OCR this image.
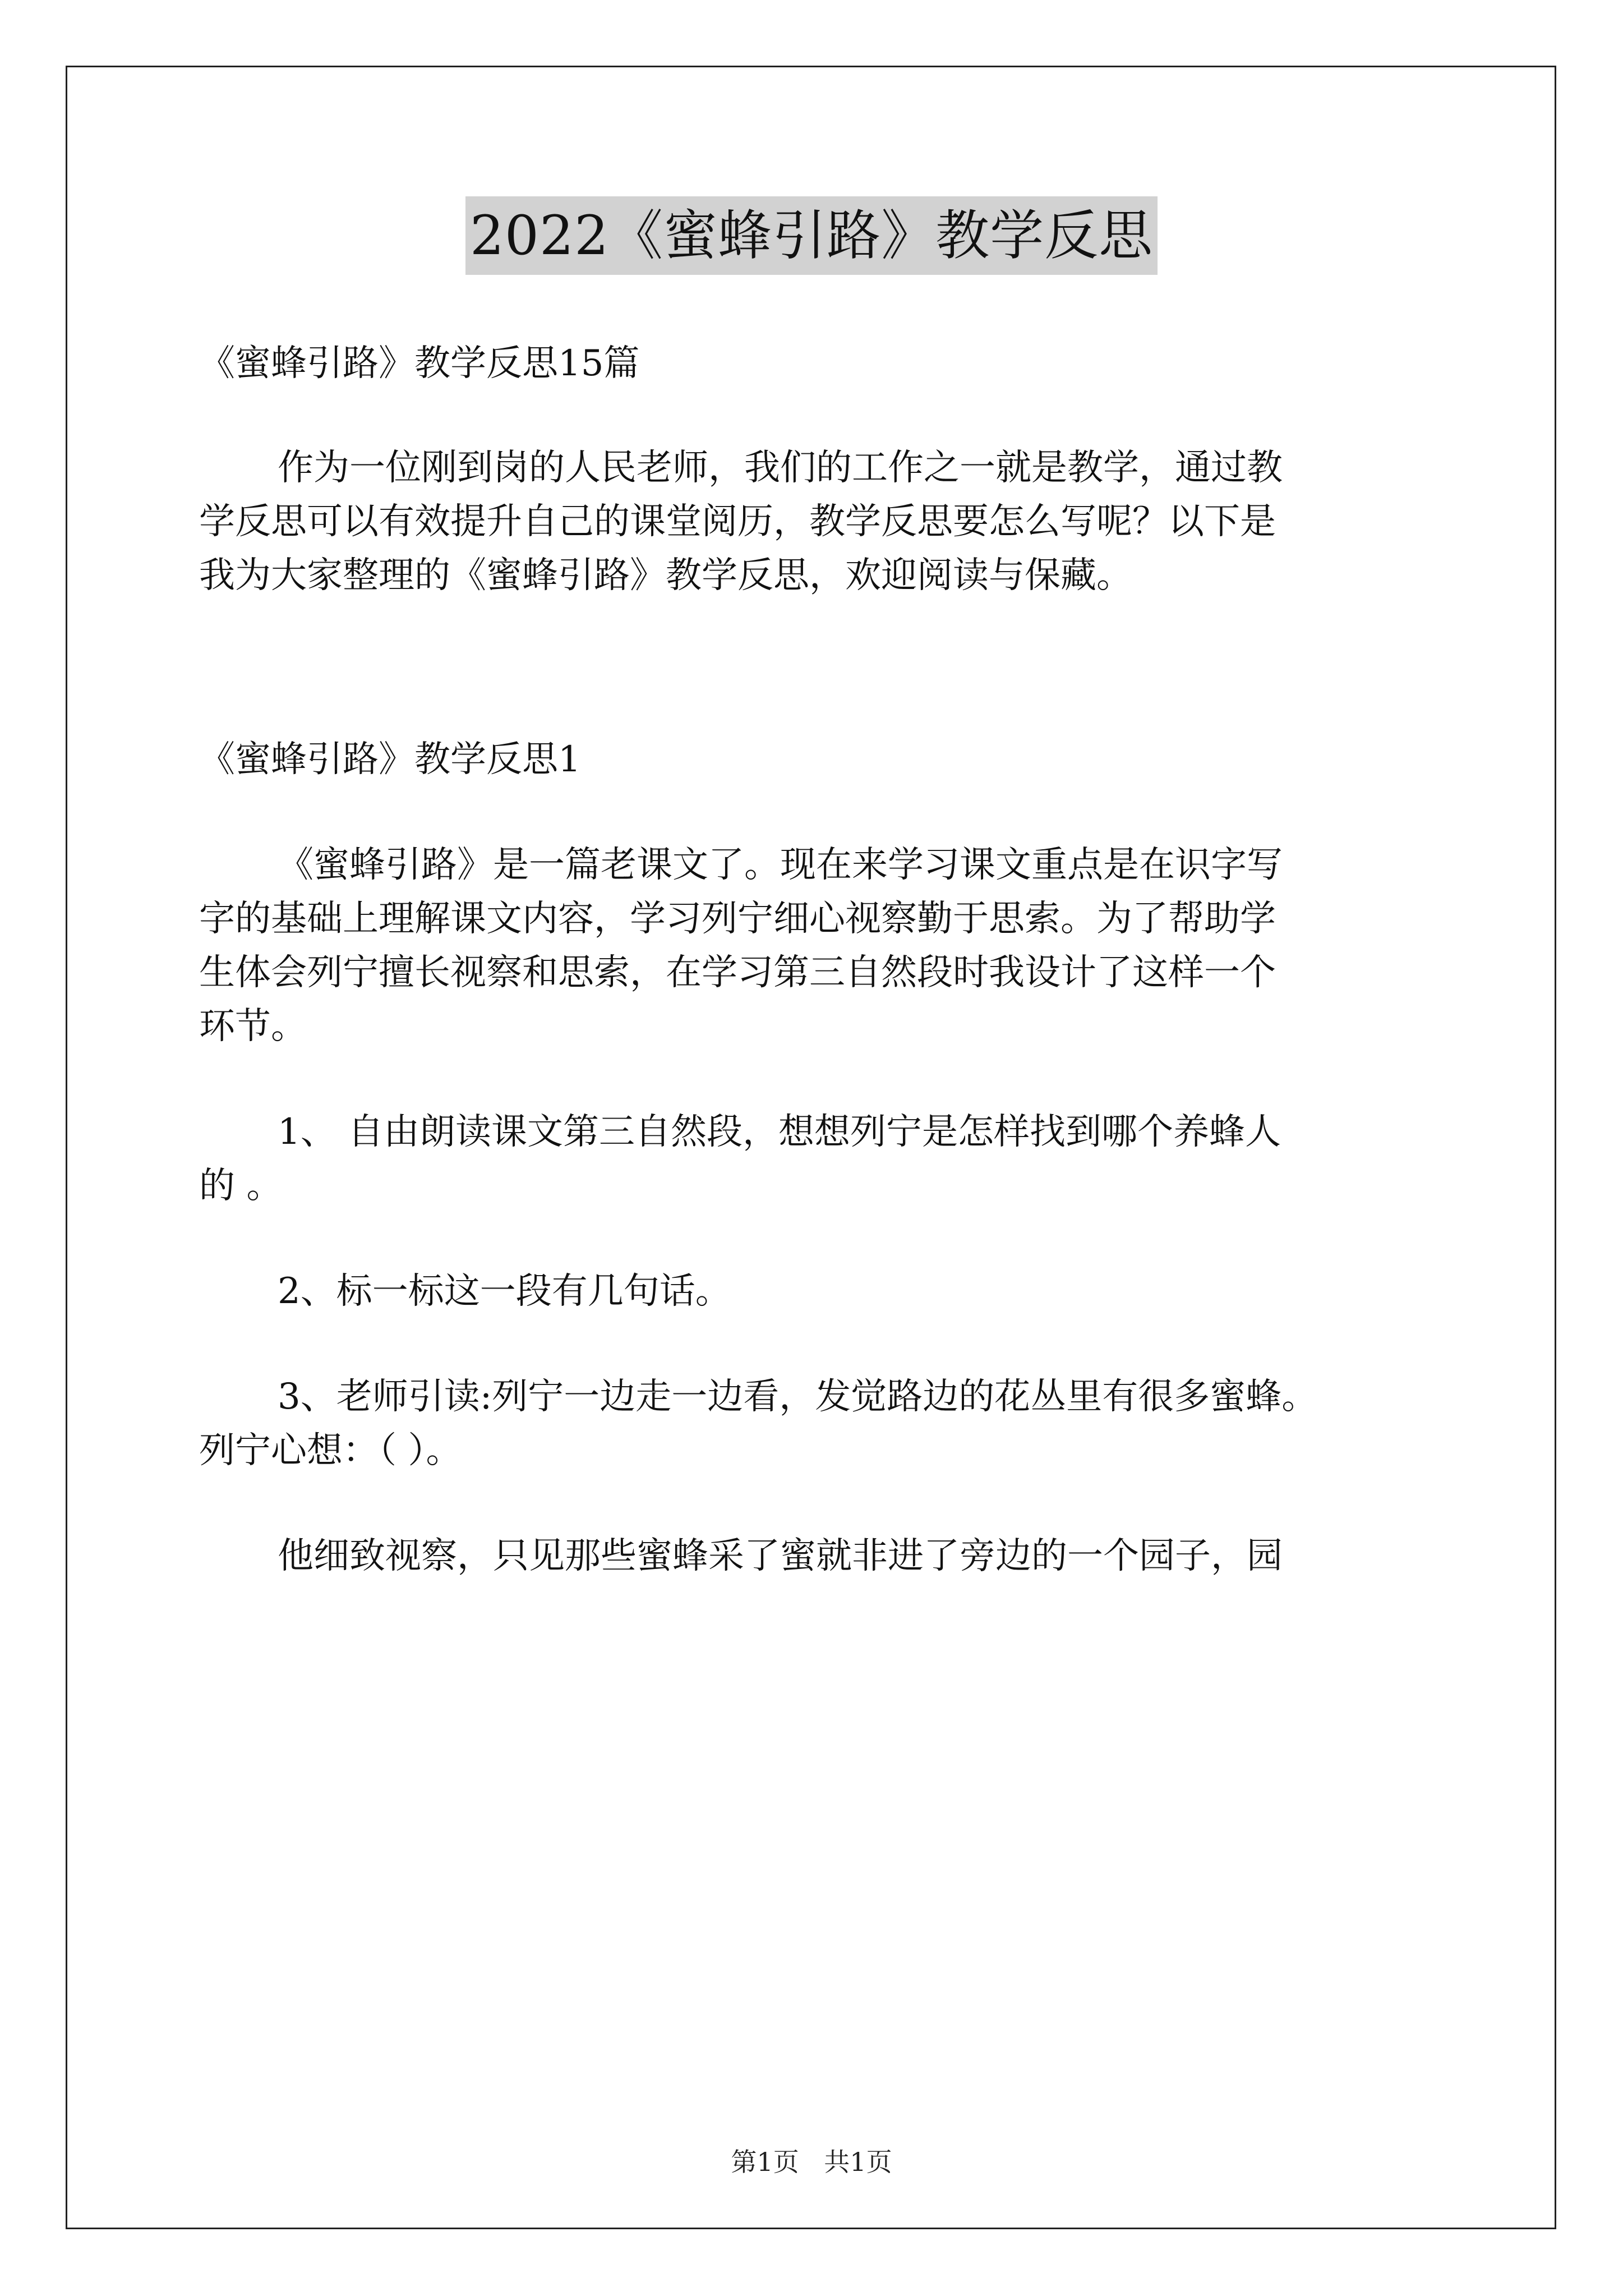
2022《蜜蜂引路》教学反思
《蜜蜂引路》教学反思15篇
作为一位刚到岗的人民老师，我们的工作之一就是教学，通过教
学反思可以有效提升自己的课堂阅历，教学反思要怎么写呢？以下是
我为大家整理的《蜜蜂引路》教学反思，欢迎阅读与保藏。
《蜜蜂引路》教学反思1
《蜜蜂引路》是一篇老课文了。现在来学习课文重点是在识字写
字的基础上理解课文内容，学习列宁细心视察勤于思索。为了帮助学
生体会列宁擅长视察和思索，在学习第三自然段时我设计了这样一个
环节。
1、 自由朗读课文第三自然段，想想列宁是怎样找到哪个养蜂人
的 。
2、标一标这一段有几句话。
3、老师引读:列宁一边走一边看，发觉路边的花丛里有很多蜜蜂。
列宁心想：（ ）。
他细致视察，只见那些蜜蜂采了蜜就非进了旁边的一个园子，园
第1页 共1页
